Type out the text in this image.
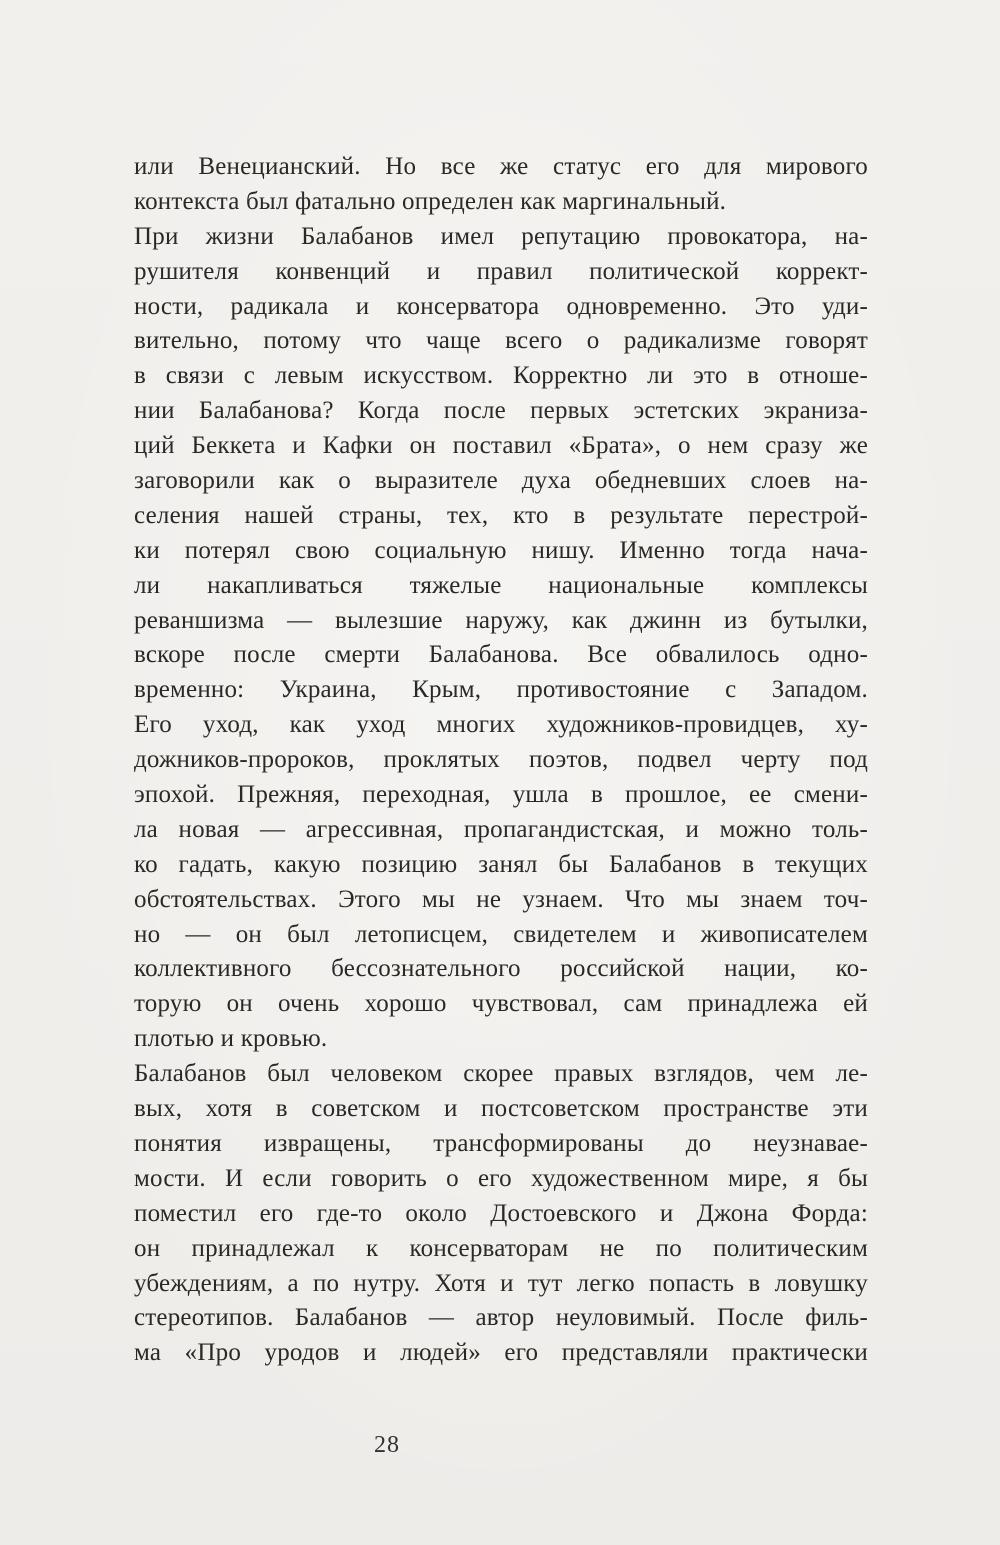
или Венецианский. Но все же статус его для мирового
контекста был фатально определен как маргинальный.
При жизни Балабанов имел репутацию провокатора, на-
рушителя конвенций и правил политической коррект-
ности, радикала и консерватора одновременно. Это уди-
вительно, потому что чаще всего о радикализме говорят
в связи с левым искусством. Корректно ли это в отноше-
нии Балабанова? Когда после первых эстетских экраниза-
ций Беккета и Кафки он поставил «Брата», о нем сразу же
заговорили как о выразителе духа обедневших слоев на-
селения нашей страны, тех, кто в результате перестрой-
ки потерял свою социальную нишу. Именно тогда нача-
ли накапливаться тяжелые национальные комплексы
реваншизма — вылезшие наружу, как джинн из бутылки,
вскоре после смерти Балабанова. Все обвалилось одно-
временно: Украина, Крым, противостояние с Западом.
Его уход, как уход многих художников-провидцев, ху-
дожников-пророков, проклятых поэтов, подвел черту под
эпохой. Прежняя, переходная, ушла в прошлое, ее смени-
ла новая — агрессивная, пропагандистская, и можно толь-
ко гадать, какую позицию занял бы Балабанов в текущих
обстоятельствах. Этого мы не узнаем. Что мы знаем точ-
но — он был летописцем, свидетелем и живописателем
коллективного бессознательного российской нации, ко-
торую он очень хорошо чувствовал, сам принадлежа ей
плотью и кровью.
Балабанов был человеком скорее правых взглядов, чем ле-
вых, хотя в советском и постсоветском пространстве эти
понятия извращены, трансформированы до неузнавае-
мости. И если говорить о его художественном мире, я бы
поместил его где-то около Достоевского и Джона Форда:
он принадлежал к консерваторам не по политическим
убеждениям, а по нутру. Хотя и тут легко попасть в ловушку
стереотипов. Балабанов — автор неуловимый. После филь-
ма «Про уродов и людей» его представляли практически
28
